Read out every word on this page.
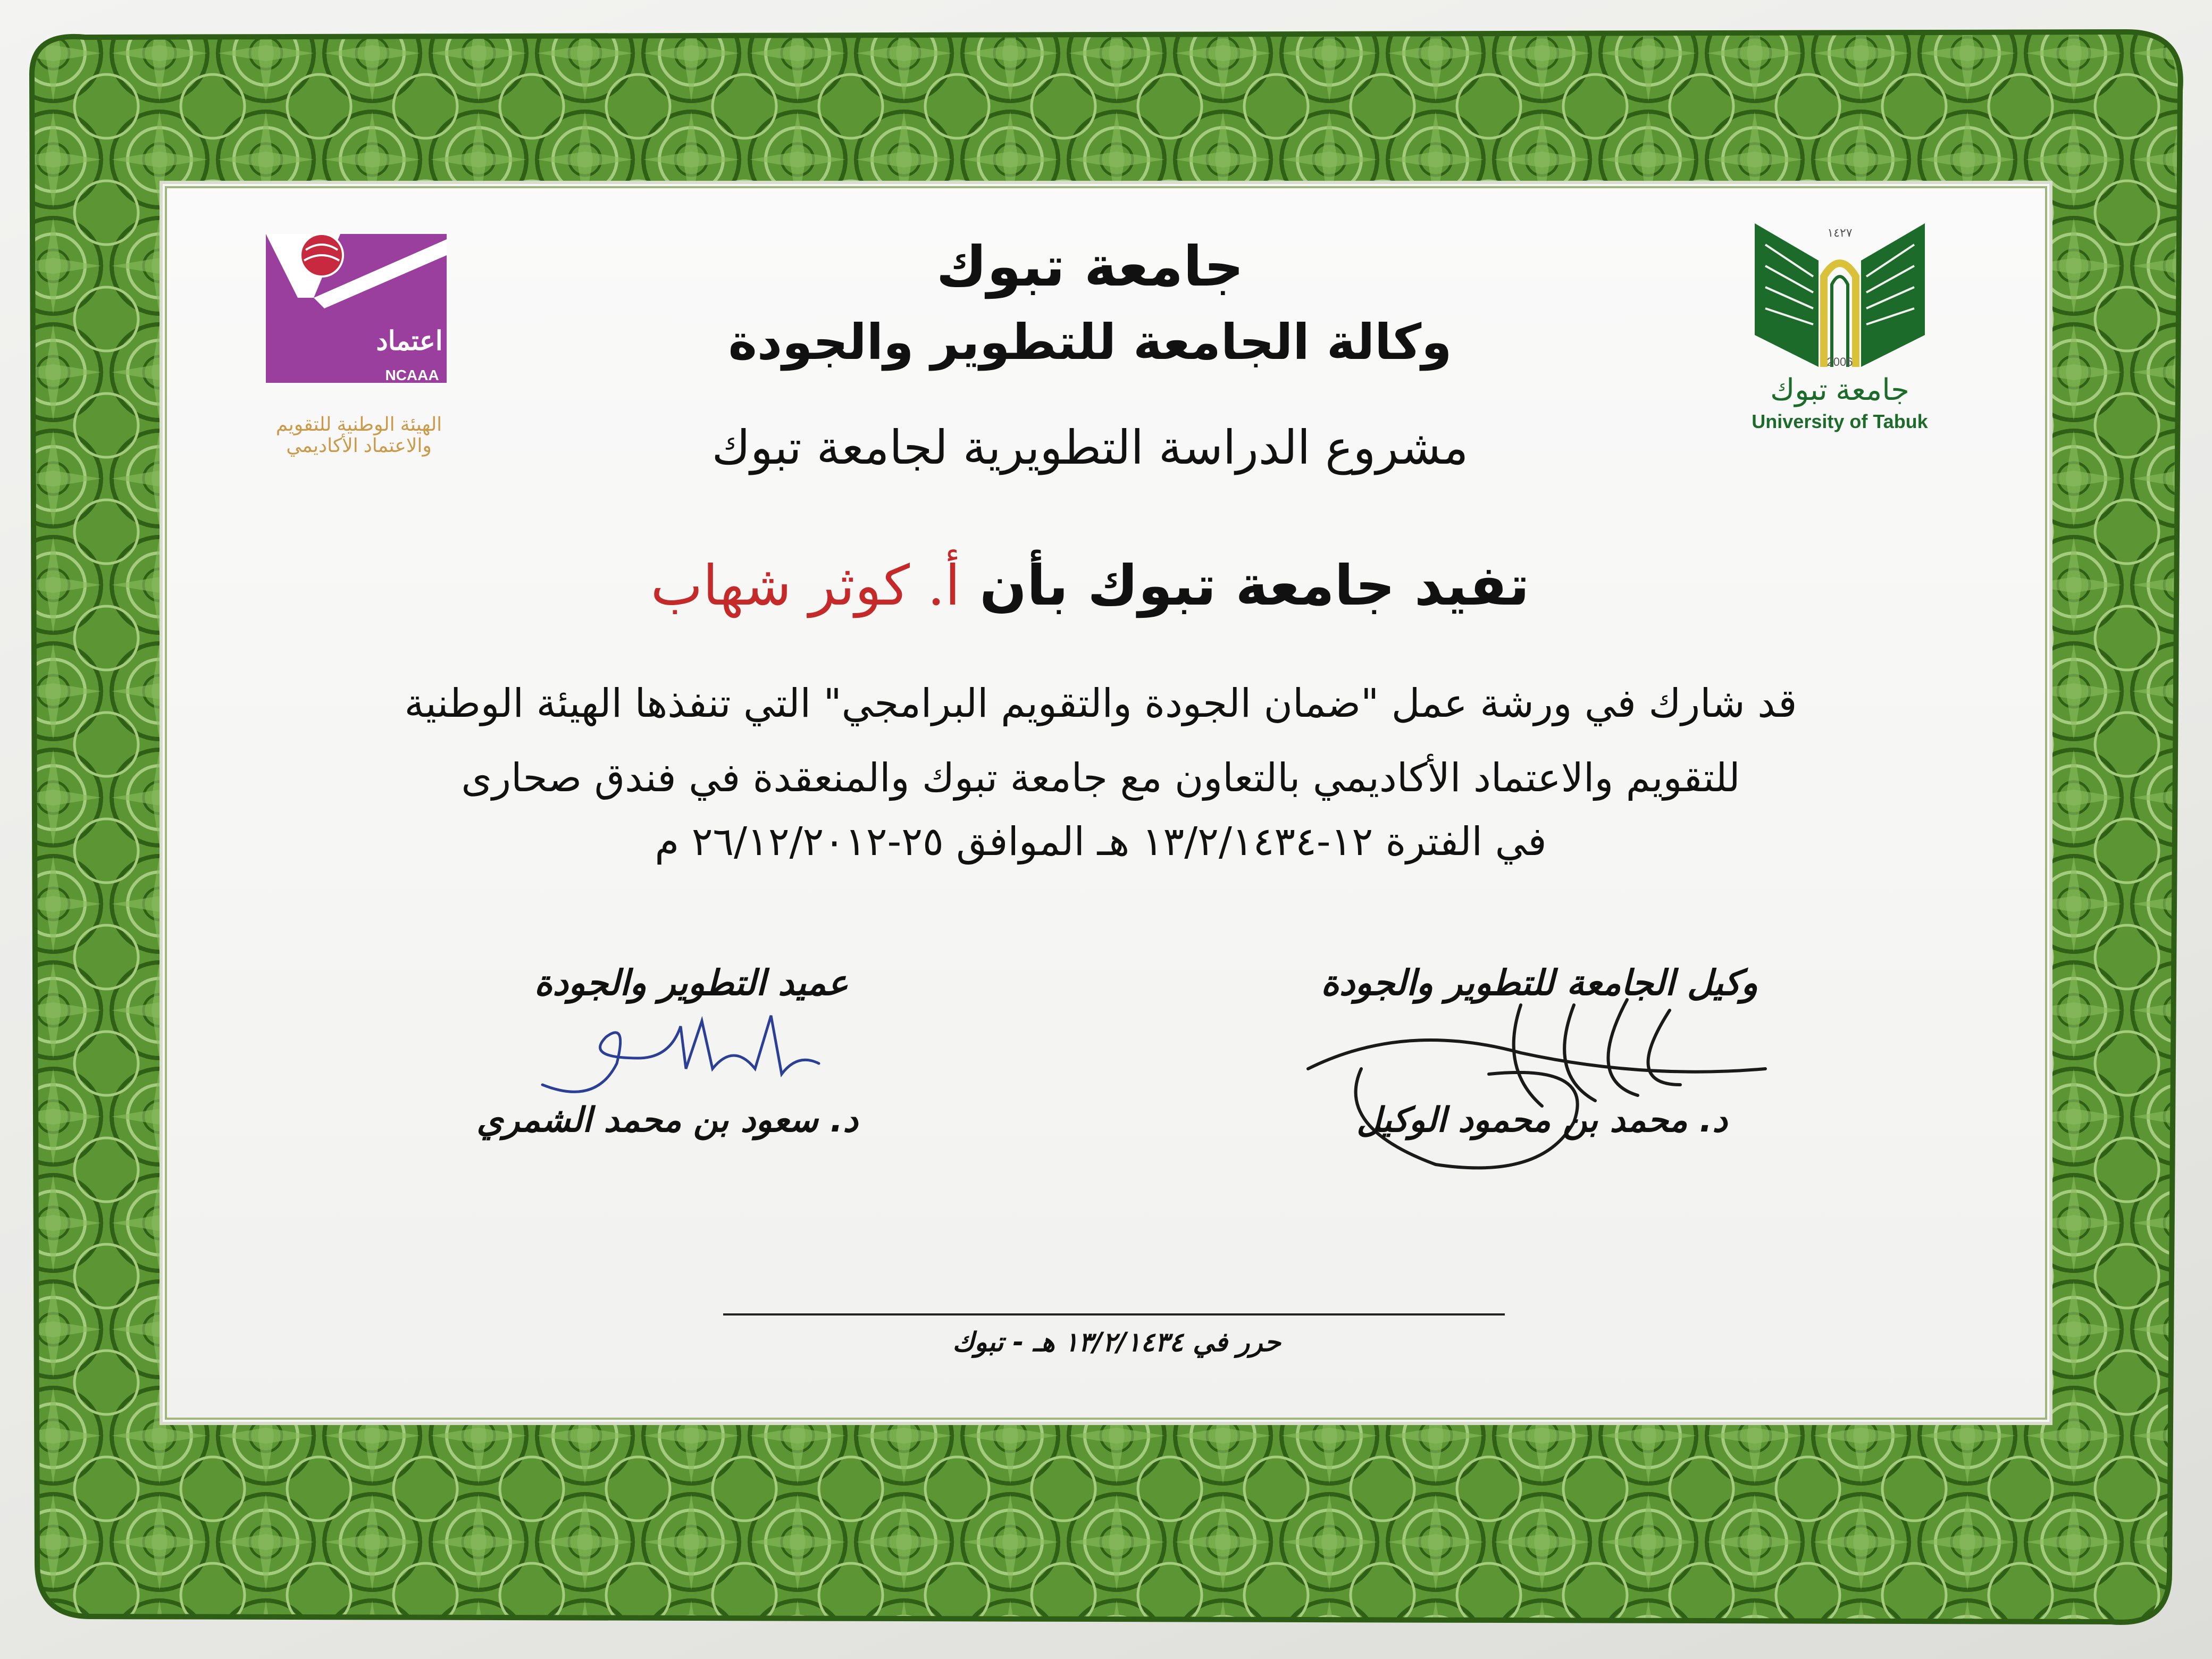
اعتماد
NCAAA
الهيئة الوطنية للتقويم والاعتماد الأكاديمي
١٤٢٧
2006
جامعة تبوك
University of Tabuk
جامعة تبوك
وكالة الجامعة للتطوير والجودة
مشروع الدراسة التطويرية لجامعة تبوك
تفيد جامعة تبوك بأن أ. كوثر شهاب
قد شارك في ورشة عمل "ضمان الجودة والتقويم البرامجي" التي تنفذها الهيئة الوطنية
للتقويم والاعتماد الأكاديمي بالتعاون مع جامعة تبوك والمنعقدة في فندق صحارى
في الفترة ١٢-١٣/٢/١٤٣٤ هـ الموافق ٢٥-٢٦/١٢/٢٠١٢ م
وكيل الجامعة للتطوير والجودة
عميد التطوير والجودة
د. محمد بن محمود الوكيل
د. سعود بن محمد الشمري
حرر في ١٣/٢/١٤٣٤ هـ - تبوك
